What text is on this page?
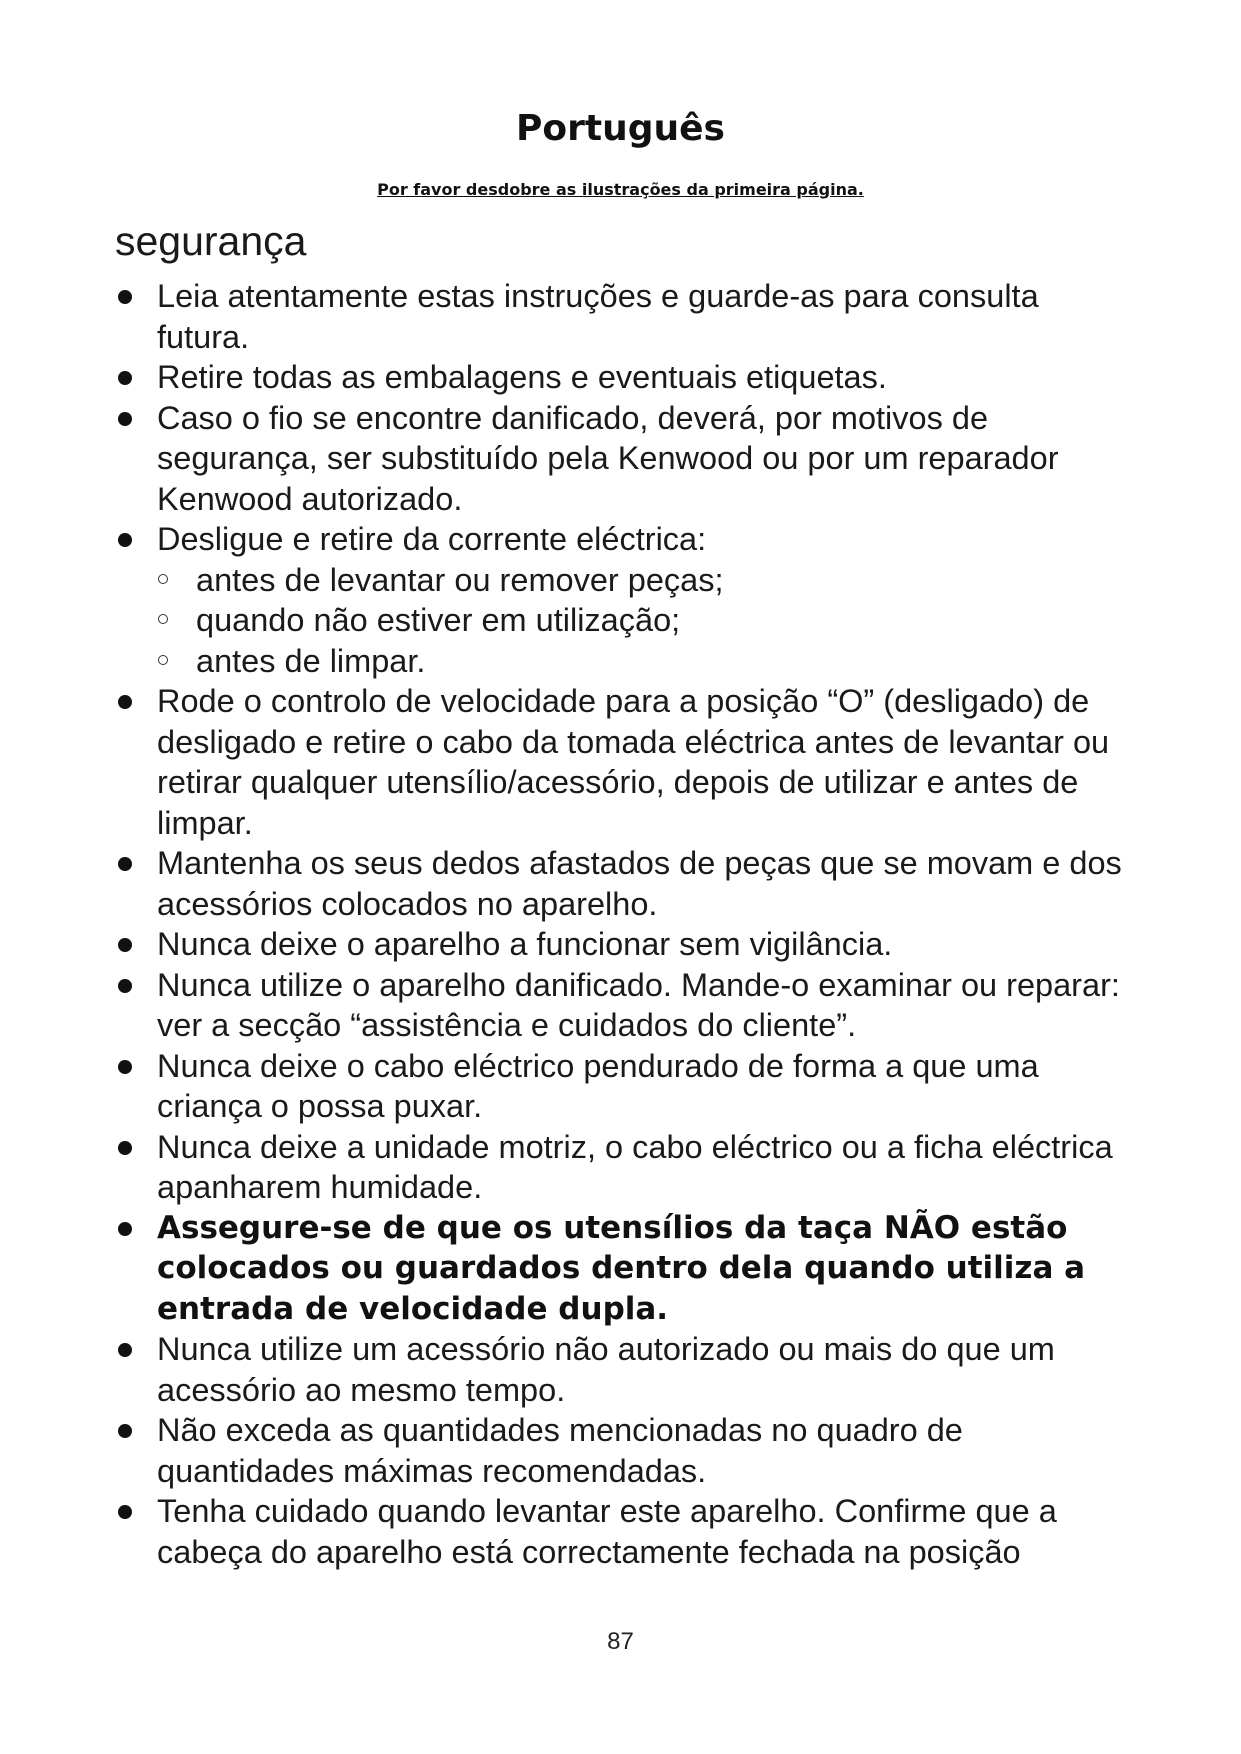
Português
Por favor desdobre as ilustrações da primeira página.
segurança
Leia atentamente estas instruções e guarde-as para consulta futura.
Retire todas as embalagens e eventuais etiquetas.
Caso o fio se encontre danificado, deverá, por motivos de segurança, ser substituído pela Kenwood ou por um reparador Kenwood autorizado.
Desligue e retire da corrente eléctrica:
antes de levantar ou remover peças;
quando não estiver em utilização;
antes de limpar.
Rode o controlo de velocidade para a posição “O” (desligado) de desligado e retire o cabo da tomada eléctrica antes de levantar ou retirar qualquer utensílio/acessório, depois de utilizar e antes de limpar.
Mantenha os seus dedos afastados de peças que se movam e dos acessórios colocados no aparelho.
Nunca deixe o aparelho a funcionar sem vigilância.
Nunca utilize o aparelho danificado. Mande-o examinar ou reparar: ver a secção “assistência e cuidados do cliente”.
Nunca deixe o cabo eléctrico pendurado de forma a que uma criança o possa puxar.
Nunca deixe a unidade motriz, o cabo eléctrico ou a ficha eléctrica apanharem humidade.
Assegure-se de que os utensílios da taça NÃO estão colocados ou guardados dentro dela quando utiliza a entrada de velocidade dupla.
Nunca utilize um acessório não autorizado ou mais do que um acessório ao mesmo tempo.
Não exceda as quantidades mencionadas no quadro de quantidades máximas recomendadas.
Tenha cuidado quando levantar este aparelho. Confirme que a cabeça do aparelho está correctamente fechada na posição
87
